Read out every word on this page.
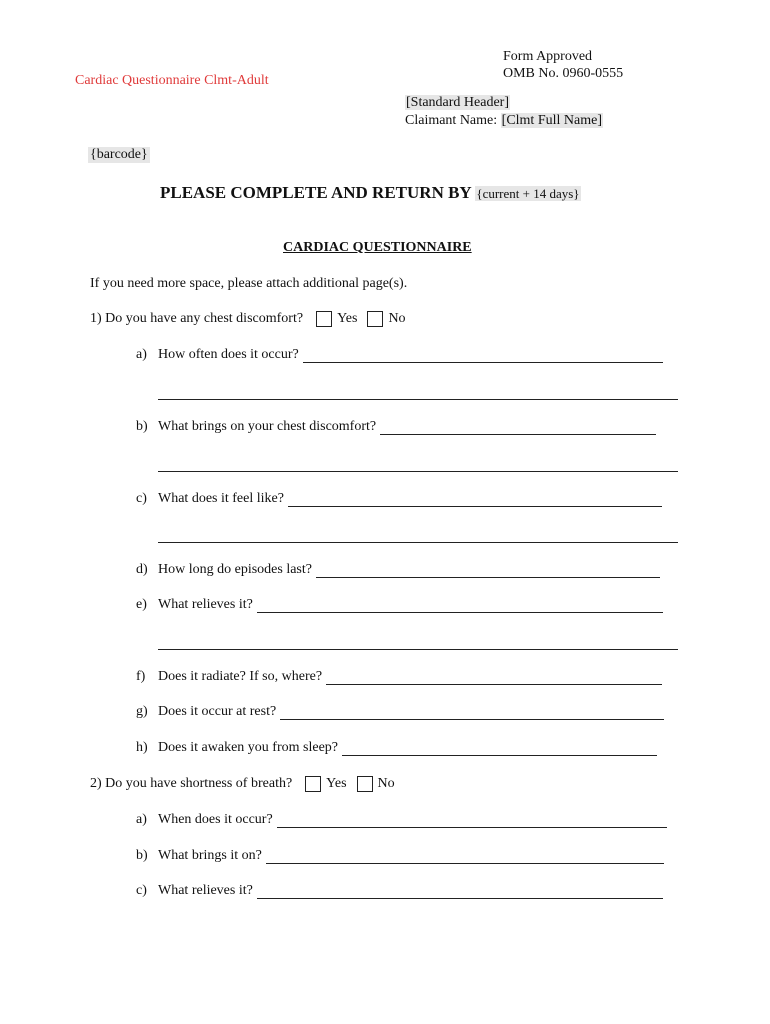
Cardiac Questionnaire Clmt-Adult
Form Approved
OMB No. 0960-0555
[Standard Header]
Claimant Name: [Clmt Full Name]
{barcode}
PLEASE COMPLETE AND RETURN BY {current + 14 days}
CARDIAC QUESTIONNAIRE
If you need more space, please attach additional page(s).
1) Do you have any chest discomfort? Yes No
a) How often does it occur?
b) What brings on your chest discomfort?
c) What does it feel like?
d) How long do episodes last?
e) What relieves it?
f) Does it radiate? If so, where?
g) Does it occur at rest?
h) Does it awaken you from sleep?
2) Do you have shortness of breath? Yes No
a) When does it occur?
b) What brings it on?
c) What relieves it?
